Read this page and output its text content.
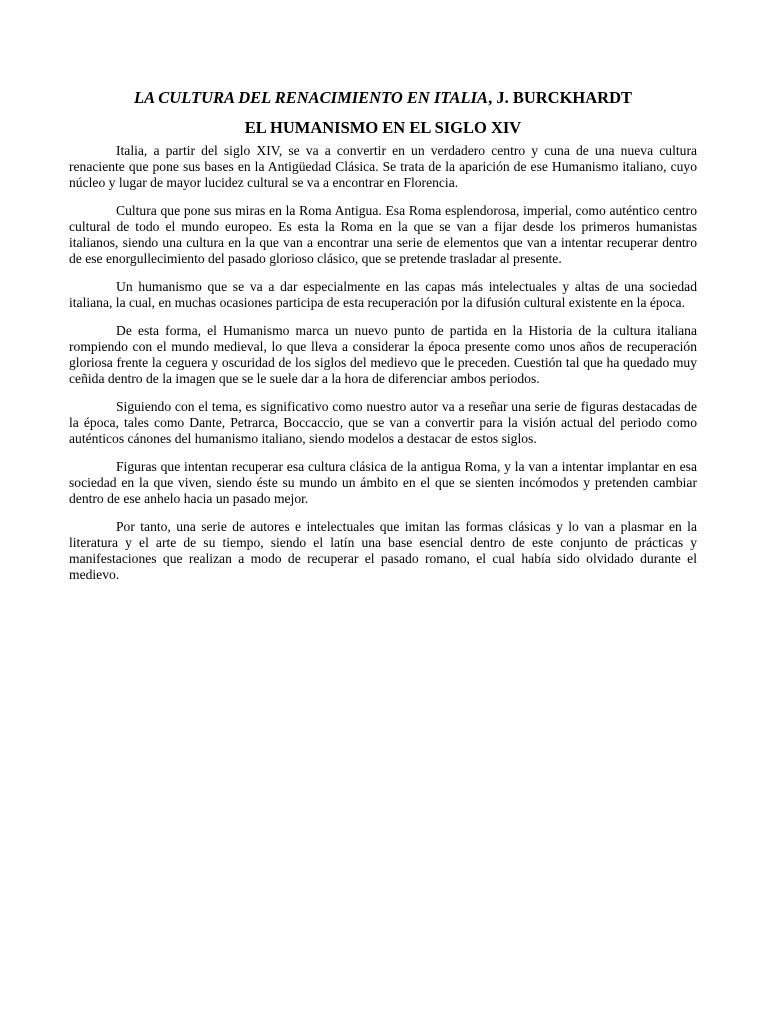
LA CULTURA DEL RENACIMIENTO EN ITALIA, J. BURCKHARDT
EL HUMANISMO EN EL SIGLO XIV

Italia, a partir del siglo XIV, se va a convertir en un verdadero centro y cuna de una nueva cultura renaciente que pone sus bases en la Antigüedad Clásica. Se trata de la aparición de ese Humanismo italiano, cuyo núcleo y lugar de mayor lucidez cultural se va a encontrar en Florencia.

Cultura que pone sus miras en la Roma Antigua. Esa Roma esplendorosa, imperial, como auténtico centro cultural de todo el mundo europeo. Es esta la Roma en la que se van a fijar desde los primeros humanistas italianos, siendo una cultura en la que van a encontrar una serie de elementos que van a intentar recuperar dentro de ese enorgullecimiento del pasado glorioso clásico, que se pretende trasladar al presente.

Un humanismo que se va a dar especialmente en las capas más intelectuales y altas de una sociedad italiana, la cual, en muchas ocasiones participa de esta recuperación por la difusión cultural existente en la época.

De esta forma, el Humanismo marca un nuevo punto de partida en la Historia de la cultura italiana rompiendo con el mundo medieval, lo que lleva a considerar la época presente como unos años de recuperación gloriosa frente la ceguera y oscuridad de los siglos del medievo que le preceden. Cuestión tal que ha quedado muy ceñida dentro de la imagen que se le suele dar a la hora de diferenciar ambos periodos.

Siguiendo con el tema, es significativo como nuestro autor va a reseñar una serie de figuras destacadas de la época, tales como Dante, Petrarca, Boccaccio, que se van a convertir para la visión actual del periodo como auténticos cánones del humanismo italiano, siendo modelos a destacar de estos siglos.

Figuras que intentan recuperar esa cultura clásica de la antigua Roma, y la van a intentar implantar en esa sociedad en la que viven, siendo éste su mundo un ámbito en el que se sienten incómodos y pretenden cambiar dentro de ese anhelo hacia un pasado mejor.

Por tanto, una serie de autores e intelectuales que imitan las formas clásicas y lo van a plasmar en la literatura y el arte de su tiempo, siendo el latín una base esencial dentro de este conjunto de prácticas y manifestaciones que realizan a modo de recuperar el pasado romano, el cual había sido olvidado durante el medievo.
